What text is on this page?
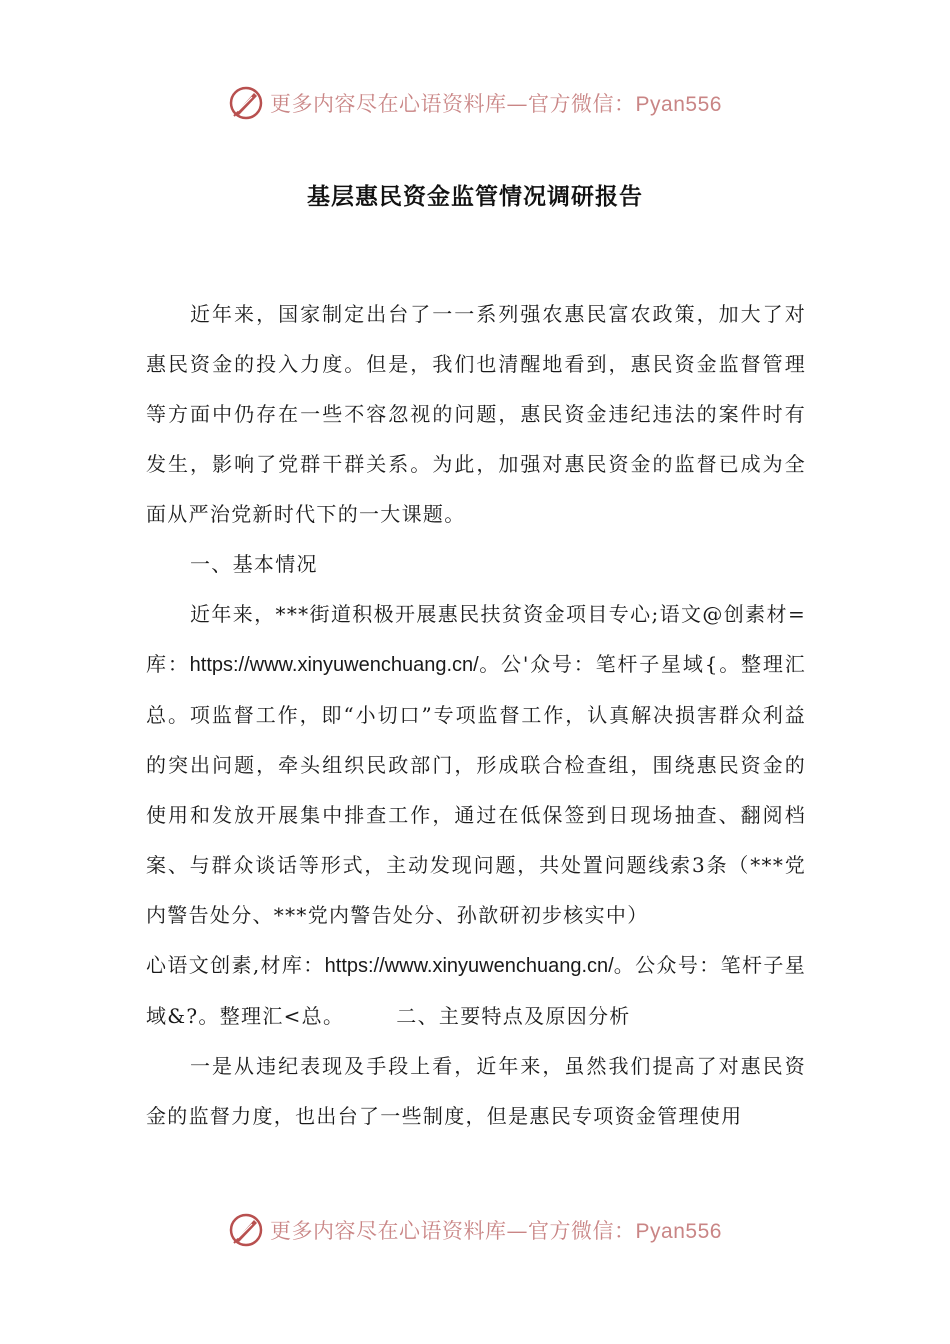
更多内容尽在心语资料库—官方微信：Pyan556
基层惠民资金监管情况调研报告

近年来，国家制定出台了一一系列强农惠民富农政策，加大了对惠民资金的投入力度。但是，我们也清醒地看到，惠民资金监督管理等方面中仍存在一些不容忽视的问题，惠民资金违纪违法的案件时有发生，影响了党群干群关系。为此，加强对惠民资金的监督已成为全面从严治党新时代下的一大课题。

一、基本情况

近年来，***街道积极开展惠民扶贫资金项目专心;语文@创素材=库：https://www.xinyuwenchuang.cn/。公'众号：笔杆子星域{。整理汇总。项监督工作，即“小切口”专项监督工作，认真解决损害群众利益的突出问题，牵头组织民政部门，形成联合检查组，围绕惠民资金的使用和发放开展集中排查工作，通过在低保签到日现场抽查、翻阅档案、与群众谈话等形式，主动发现问题，共处置问题线索3条（***党内警告处分、***党内警告处分、孙歆研初步核实中）

心语文创素,材库：https://www.xinyuwenchuang.cn/。公众号：笔杆子星域&?。整理汇<总。	二、主要特点及原因分析

一是从违纪表现及手段上看，近年来，虽然我们提高了对惠民资金的监督力度，也出台了一些制度，但是惠民专项资金管理使用

更多内容尽在心语资料库—官方微信：Pyan556
